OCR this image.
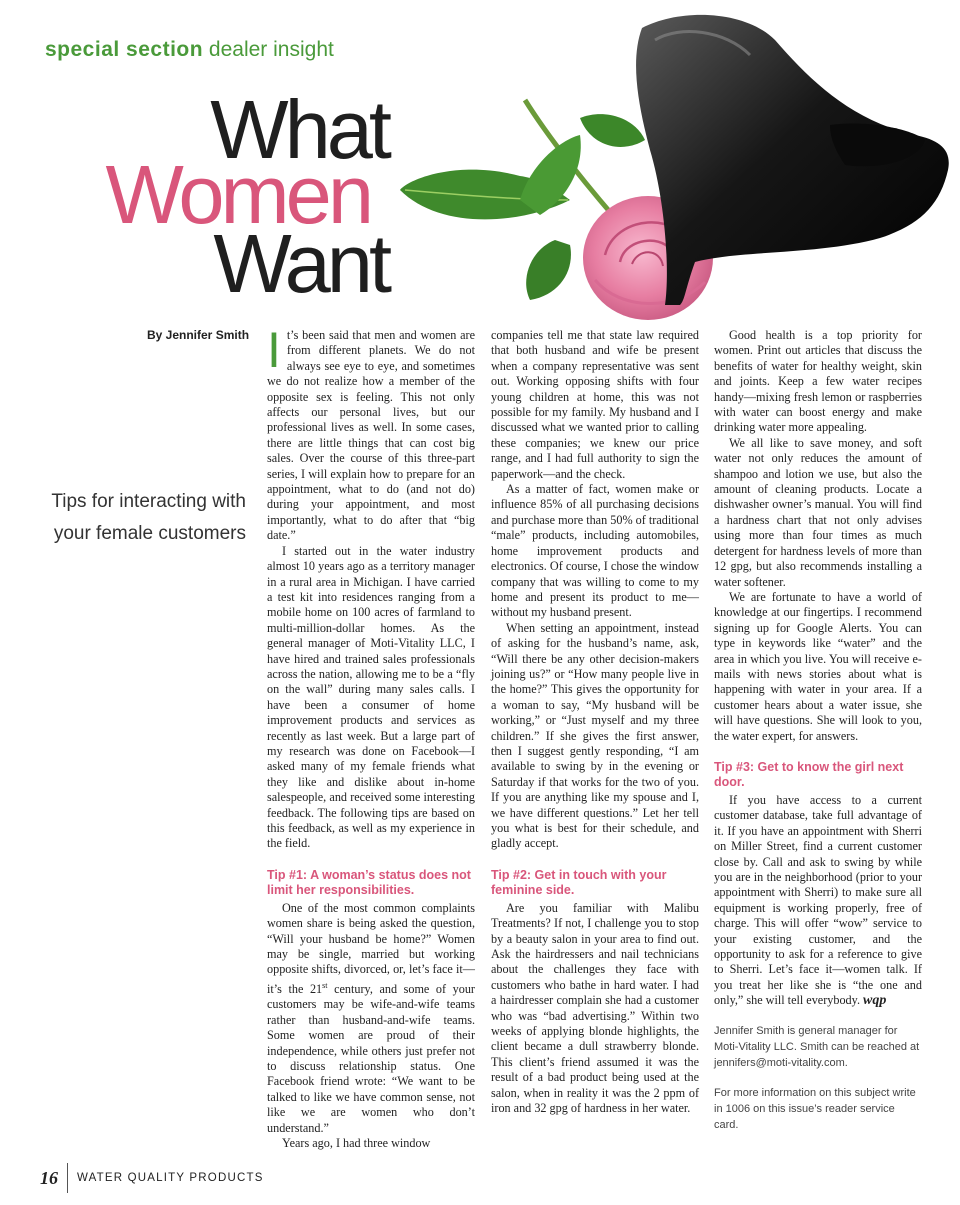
special section dealer insight
What
Women
Want
By Jennifer Smith
Tips for interacting with your female customers

It’s been said that men and women are from different planets. We do not always see eye to eye, and sometimes we do not realize how a member of the opposite sex is feeling. This not only affects our personal lives, but our professional lives as well. In some cases, there are little things that can cost big sales. Over the course of this three-part series, I will explain how to prepare for an appointment, what to do (and not do) during your appointment, and most importantly, what to do after that “big date.”

I started out in the water industry almost 10 years ago as a territory manager in a rural area in Michigan. I have carried a test kit into residences ranging from a mobile home on 100 acres of farmland to multi-million-dollar homes. As the general manager of Moti-Vitality LLC, I have hired and trained sales professionals across the nation, allowing me to be a “fly on the wall” during many sales calls. I have been a consumer of home improvement products and services as recently as last week. But a large part of my research was done on Facebook—I asked many of my female friends what they like and dislike about in-home salespeople, and received some interesting feedback. The following tips are based on this feedback, as well as my experience in the field.

Tip #1: A woman’s status does not limit her responsibilities.

One of the most common complaints women share is being asked the question, “Will your husband be home?” Women may be single, married but working opposite shifts, divorced, or, let’s face it—it’s the 21st century, and some of your customers may be wife-and-wife teams rather than husband-and-wife teams. Some women are proud of their independence, while others just prefer not to discuss relationship status. One Facebook friend wrote: “We want to be talked to like we have common sense, not like we are women who don’t understand.”

Years ago, I had three window

companies tell me that state law required that both husband and wife be present when a company representative was sent out. Working opposing shifts with four young children at home, this was not possible for my family. My husband and I discussed what we wanted prior to calling these companies; we knew our price range, and I had full authority to sign the paperwork—and the check.

As a matter of fact, women make or influence 85% of all purchasing decisions and purchase more than 50% of traditional “male” products, including automobiles, home improvement products and electronics. Of course, I chose the window company that was willing to come to my home and present its product to me—without my husband present.

When setting an appointment, instead of asking for the husband’s name, ask, “Will there be any other decision-makers joining us?” or “How many people live in the home?” This gives the opportunity for a woman to say, “My husband will be working,” or “Just myself and my three children.” If she gives the first answer, then I suggest gently responding, “I am available to swing by in the evening or Saturday if that works for the two of you. If you are anything like my spouse and I, we have different questions.” Let her tell you what is best for their schedule, and gladly accept.

Tip #2: Get in touch with your feminine side.

Are you familiar with Malibu Treatments? If not, I challenge you to stop by a beauty salon in your area to find out. Ask the hairdressers and nail technicians about the challenges they face with customers who bathe in hard water. I had a hairdresser complain she had a customer who was “bad advertising.” Within two weeks of applying blonde highlights, the client became a dull strawberry blonde. This client’s friend assumed it was the result of a bad product being used at the salon, when in reality it was the 2 ppm of iron and 32 gpg of hardness in her water.

Good health is a top priority for women. Print out articles that discuss the benefits of water for healthy weight, skin and joints. Keep a few water recipes handy—mixing fresh lemon or raspberries with water can boost energy and make drinking water more appealing.

We all like to save money, and soft water not only reduces the amount of shampoo and lotion we use, but also the amount of cleaning products. Locate a dishwasher owner’s manual. You will find a hardness chart that not only advises using more than four times as much detergent for hardness levels of more than 12 gpg, but also recommends installing a water softener.

We are fortunate to have a world of knowledge at our fingertips. I recommend signing up for Google Alerts. You can type in keywords like “water” and the area in which you live. You will receive e-mails with news stories about what is happening with water in your area. If a customer hears about a water issue, she will have questions. She will look to you, the water expert, for answers.

Tip #3: Get to know the girl next door.

If you have access to a current customer database, take full advantage of it. If you have an appointment with Sherri on Miller Street, find a current customer close by. Call and ask to swing by while you are in the neighborhood (prior to your appointment with Sherri) to make sure all equipment is working properly, free of charge. This will offer “wow” service to your existing customer, and the opportunity to ask for a reference to give to Sherri. Let’s face it—women talk. If you treat her like she is “the one and only,” she will tell everybody. wqp

Jennifer Smith is general manager for Moti-Vitality LLC. Smith can be reached at jennifers@moti-vitality.com.
For more information on this subject write in 1006 on this issue’s reader service card.
16 WATER QUALITY PRODUCTS
